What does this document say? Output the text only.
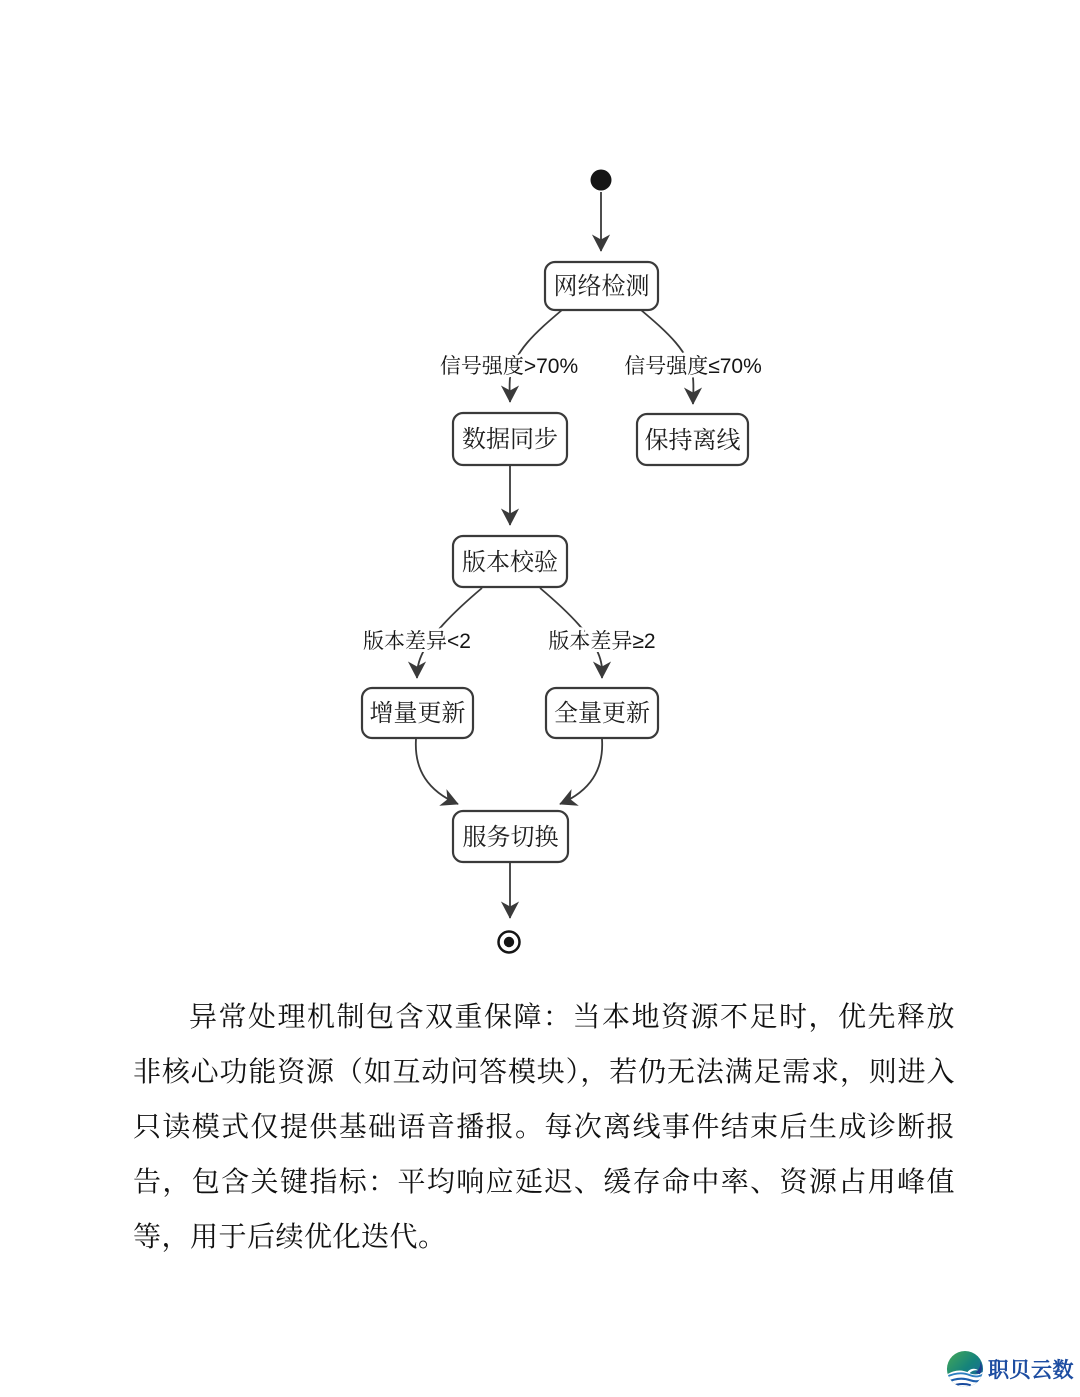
信号强度>70% 信号强度≤70%
版本差异<2	版本差异≥2
网络检测
数据同步	保持离线
版本校验
增量更新	全量更新
服务切换

异常处理机制包含双重保障：当本地资源不足时，优先释放非核心功能资源（如互动问答模块），若仍无法满足需求，则进入只读模式仅提供基础语音播报。每次离线事件结束后生成诊断报告，包含关键指标：平均响应延迟、缓存命中率、资源占用峰值等，用于后续优化迭代。

职贝云数
